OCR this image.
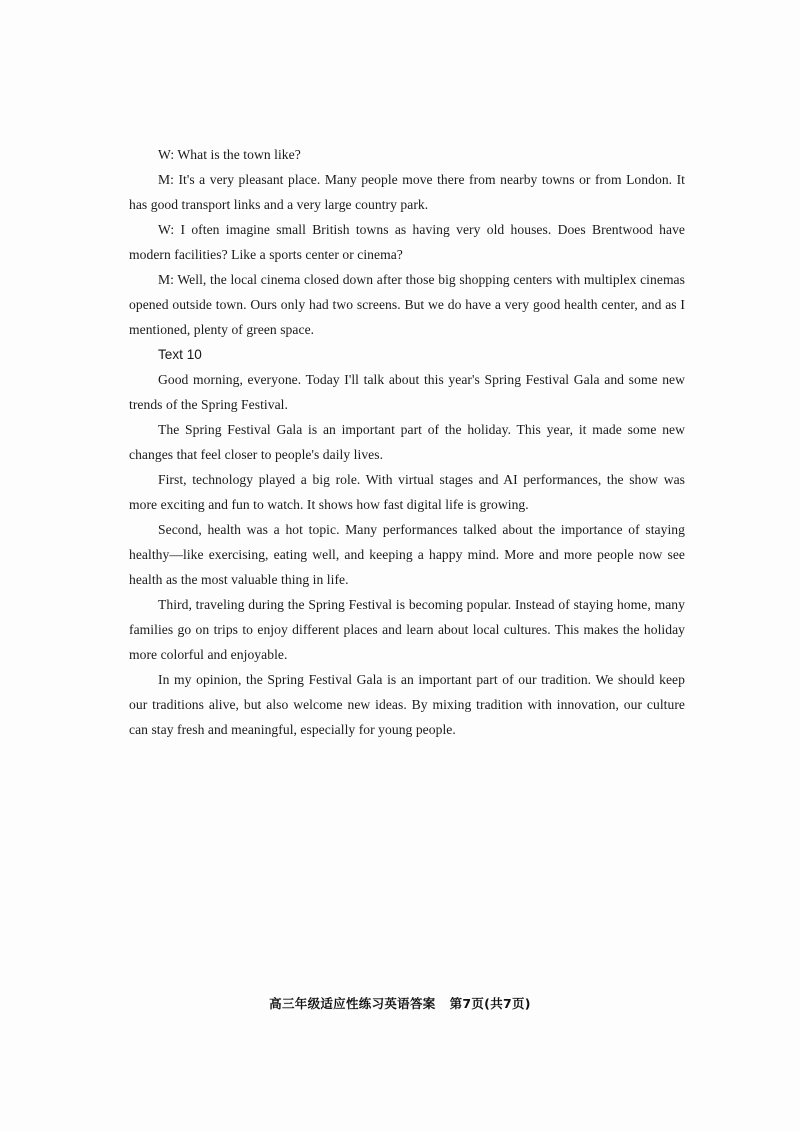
W: What is the town like?

M: It's a very pleasant place. Many people move there from nearby towns or from London. It has good transport links and a very large country park.

W: I often imagine small British towns as having very old houses. Does Brentwood have modern facilities? Like a sports center or cinema?

M: Well, the local cinema closed down after those big shopping centers with multiplex cinemas opened outside town. Ours only had two screens. But we do have a very good health center, and as I mentioned, plenty of green space.

Text 10

Good morning, everyone. Today I'll talk about this year's Spring Festival Gala and some new trends of the Spring Festival.

The Spring Festival Gala is an important part of the holiday. This year, it made some new changes that feel closer to people's daily lives.

First, technology played a big role. With virtual stages and AI performances, the show was more exciting and fun to watch. It shows how fast digital life is growing.

Second, health was a hot topic. Many performances talked about the importance of staying healthy—like exercising, eating well, and keeping a happy mind. More and more people now see health as the most valuable thing in life.

Third, traveling during the Spring Festival is becoming popular. Instead of staying home, many families go on trips to enjoy different places and learn about local cultures. This makes the holiday more colorful and enjoyable.

In my opinion, the Spring Festival Gala is an important part of our tradition. We should keep our traditions alive, but also welcome new ideas. By mixing tradition with innovation, our culture can stay fresh and meaningful, especially for young people.

高三年级适应性练习英语答案 第7页(共7页)
